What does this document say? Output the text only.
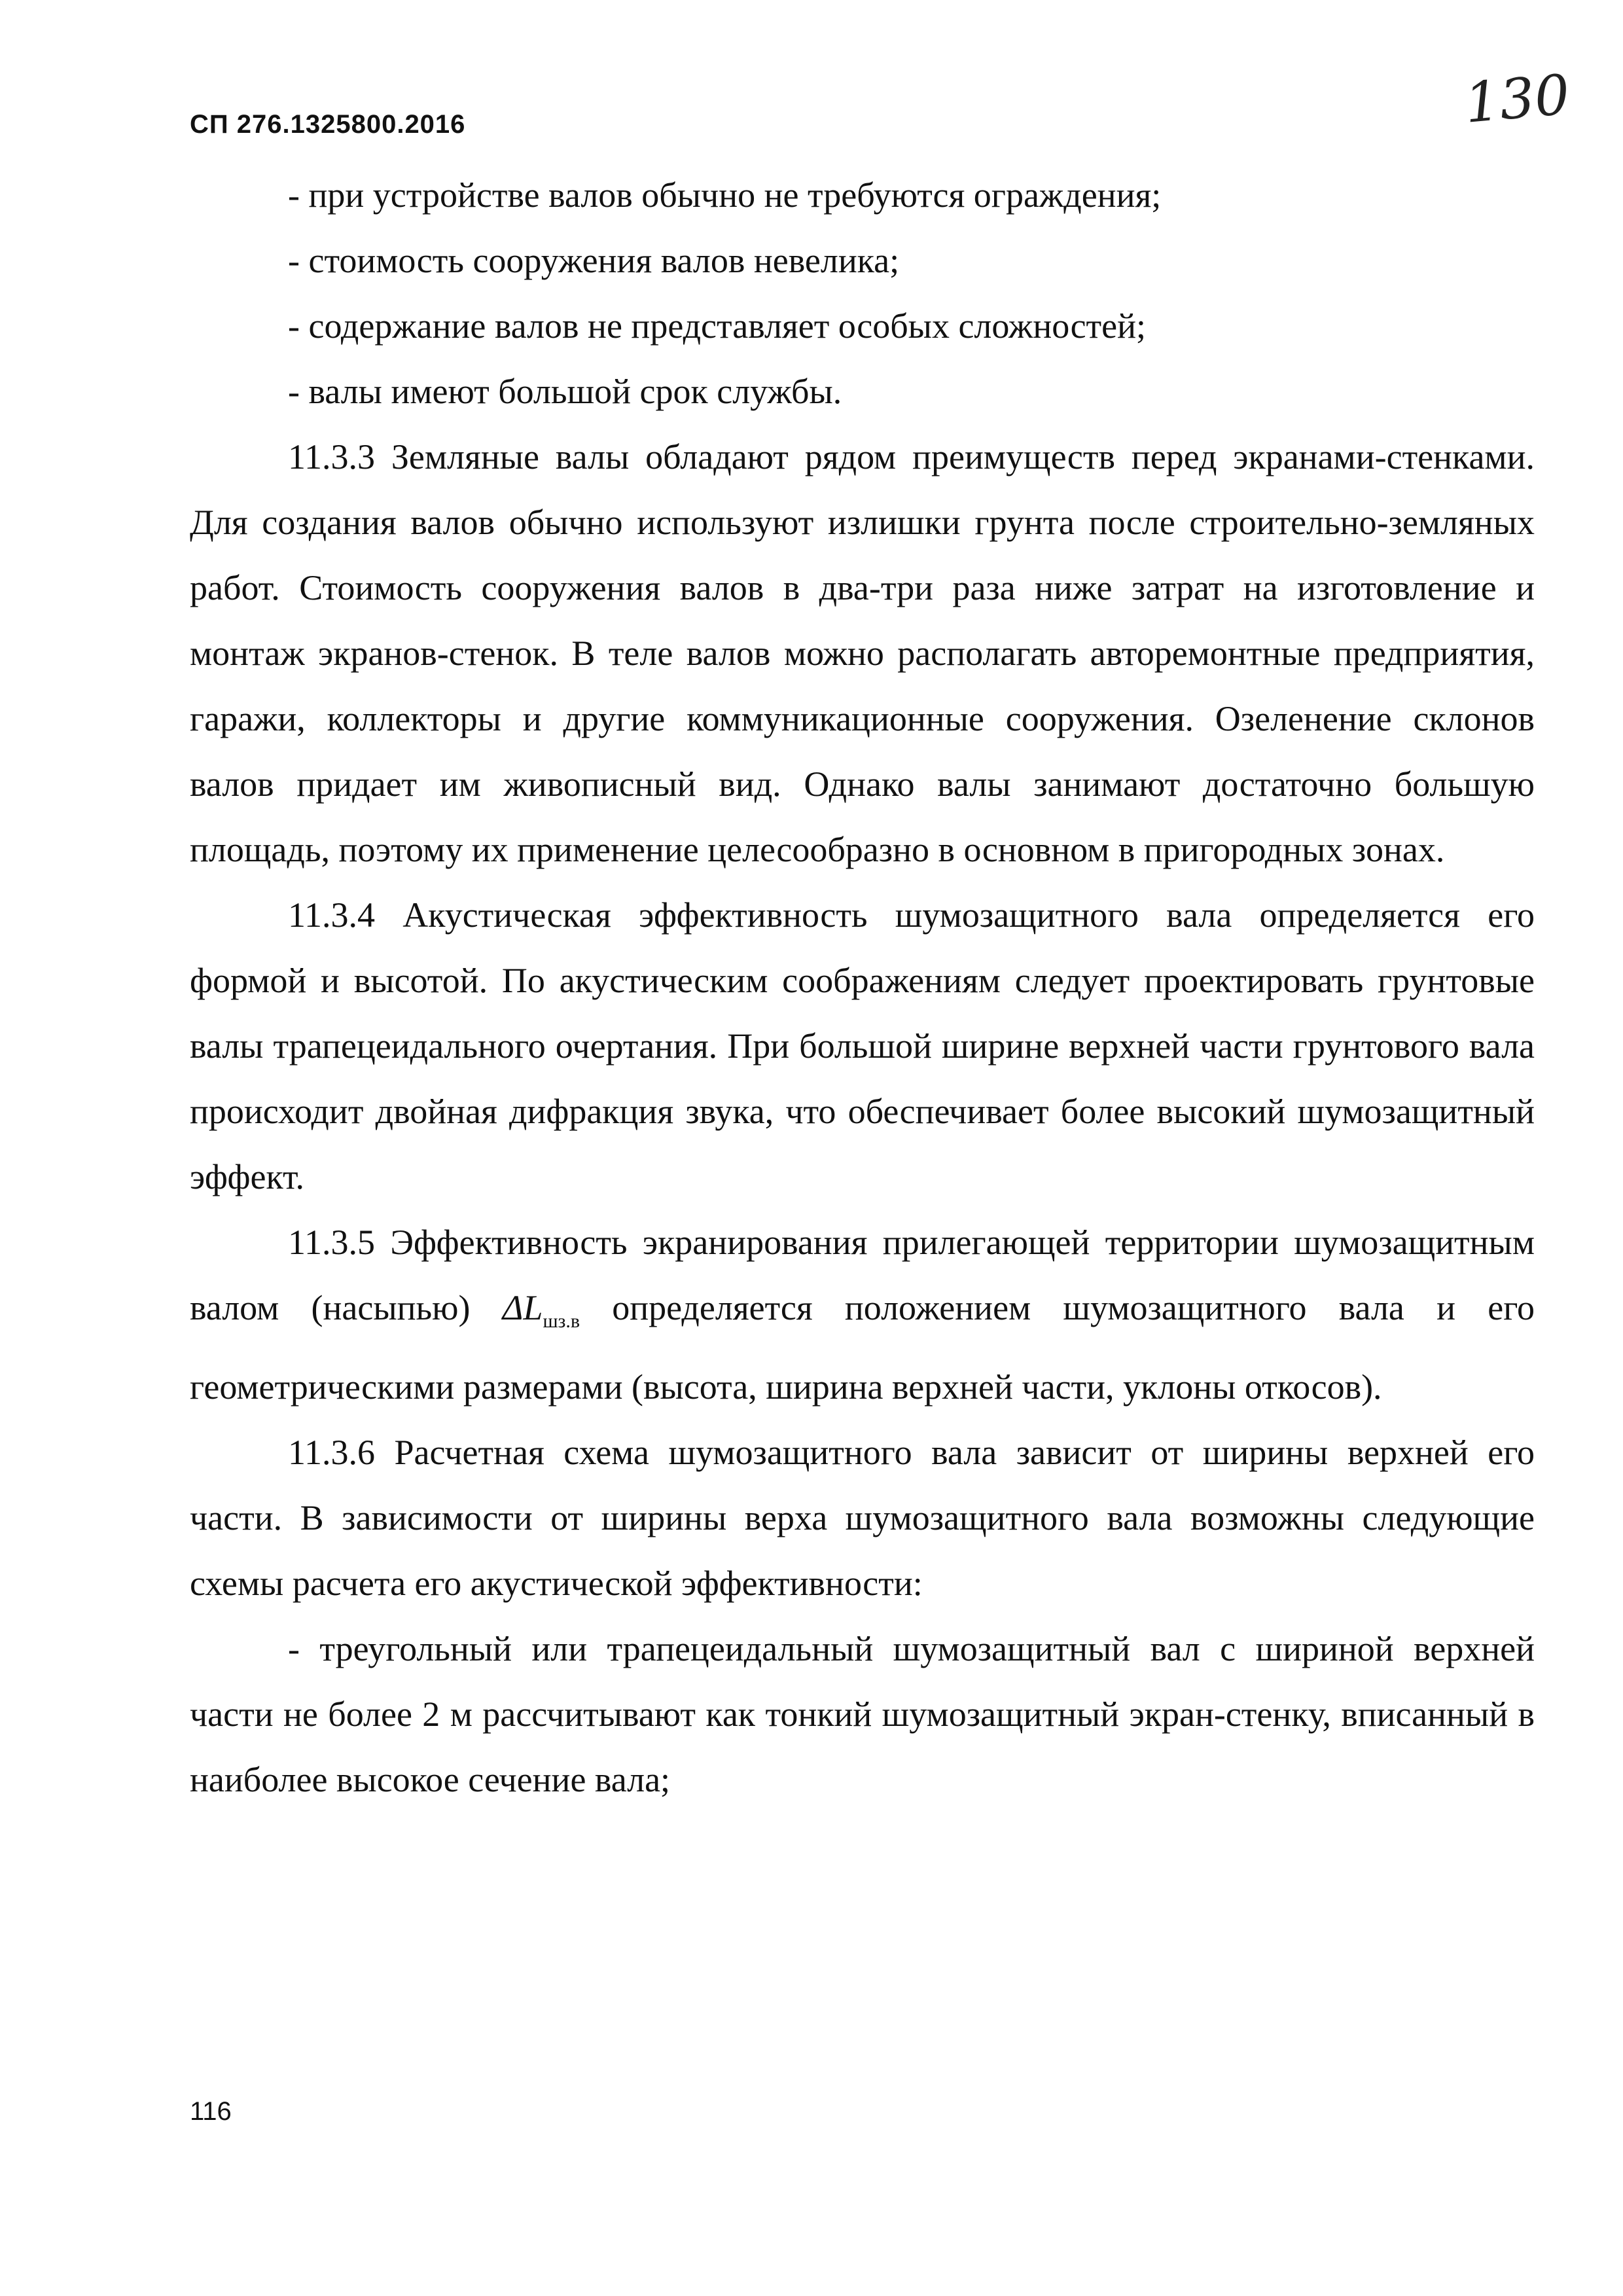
СП 276.1325800.2016	130

- при устройстве валов обычно не требуются ограждения;

- стоимость сооружения валов невелика;

- содержание валов не представляет особых сложностей;

- валы имеют большой срок службы.

11.3.3 Земляные валы обладают рядом преимуществ перед экранами-стенками. Для создания валов обычно используют излишки грунта после строительно-земляных работ. Стоимость сооружения валов в два-три раза ниже затрат на изготовление и монтаж экранов-стенок. В теле валов можно располагать авторемонтные предприятия, гаражи, коллекторы и другие коммуникационные сооружения. Озеленение склонов валов придает им живописный вид. Однако валы занимают достаточно большую площадь, поэтому их применение целесообразно в основном в пригородных зонах.

11.3.4 Акустическая эффективность шумозащитного вала определяется его формой и высотой. По акустическим соображениям следует проектировать грунтовые валы трапецеидального очертания. При большой ширине верхней части грунтового вала происходит двойная дифракция звука, что обеспечивает более высокий шумозащитный эффект.

11.3.5 Эффективность экранирования прилегающей территории шумозащитным валом (насыпью) $\Delta L_{шз.в}$ определяется положением шумозащитного вала и его геометрическими размерами (высота, ширина верхней части, уклоны откосов).

11.3.6 Расчетная схема шумозащитного вала зависит от ширины верхней его части. В зависимости от ширины верха шумозащитного вала возможны следующие схемы расчета его акустической эффективности:

- треугольный или трапецеидальный шумозащитный вал с шириной верхней части не более 2 м рассчитывают как тонкий шумозащитный экран-стенку, вписанный в наиболее высокое сечение вала;

116
